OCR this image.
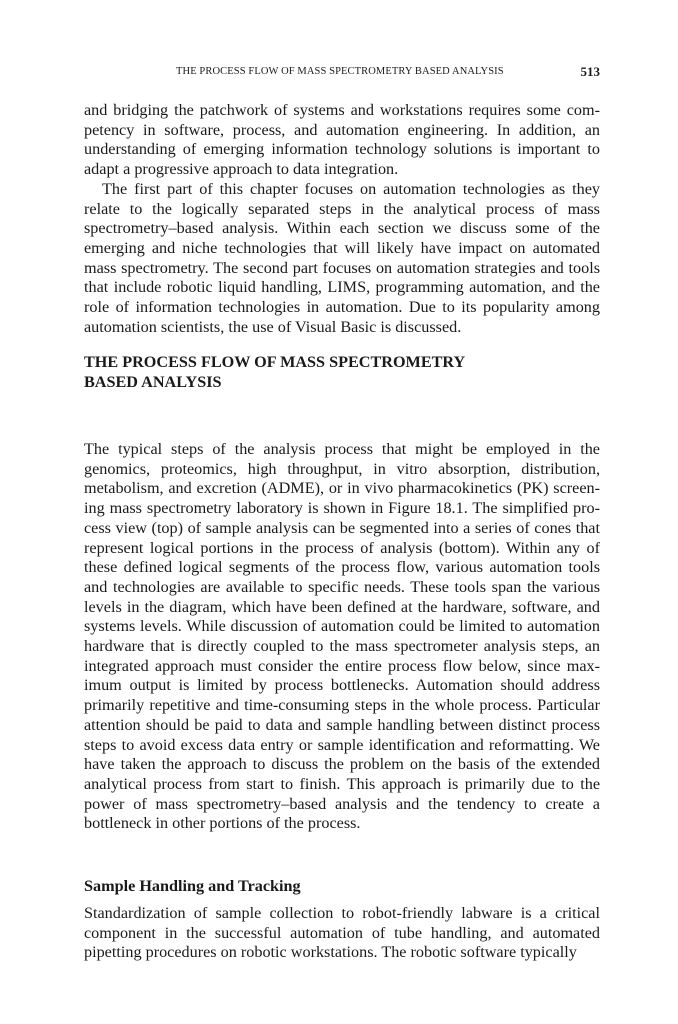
THE PROCESS FLOW OF MASS SPECTROMETRY BASED ANALYSIS	513

and bridging the patchwork of systems and workstations requires some competency in software, process, and automation engineering. In addition, an understanding of emerging information technology solutions is important to adapt a progressive approach to data integration.

The first part of this chapter focuses on automation technologies as they relate to the logically separated steps in the analytical process of mass spectrometry–based analysis. Within each section we discuss some of the emerging and niche technologies that will likely have impact on automated mass spectrometry. The second part focuses on automation strategies and tools that include robotic liquid handling, LIMS, programming automation, and the role of information technologies in automation. Due to its popularity among automation scientists, the use of Visual Basic is discussed.

THE PROCESS FLOW OF MASS SPECTROMETRY
BASED ANALYSIS

The typical steps of the analysis process that might be employed in the genomics, proteomics, high throughput, in vitro absorption, distribution, metabolism, and excretion (ADME), or in vivo pharmacokinetics (PK) screening mass spectrometry laboratory is shown in Figure 18.1. The simplified process view (top) of sample analysis can be segmented into a series of cones that represent logical portions in the process of analysis (bottom). Within any of these defined logical segments of the process flow, various automation tools and technologies are available to specific needs. These tools span the various levels in the diagram, which have been defined at the hardware, software, and systems levels. While discussion of automation could be limited to automation hardware that is directly coupled to the mass spectrometer analysis steps, an integrated approach must consider the entire process flow below, since maximum output is limited by process bottlenecks. Automation should address primarily repetitive and time-consuming steps in the whole process. Particular attention should be paid to data and sample handling between distinct process steps to avoid excess data entry or sample identification and reformatting. We have taken the approach to discuss the problem on the basis of the extended analytical process from start to finish. This approach is primarily due to the power of mass spectrometry–based analysis and the tendency to create a bottleneck in other portions of the process.

Sample Handling and Tracking

Standardization of sample collection to robot-friendly labware is a critical component in the successful automation of tube handling, and automated pipetting procedures on robotic workstations. The robotic software typically
